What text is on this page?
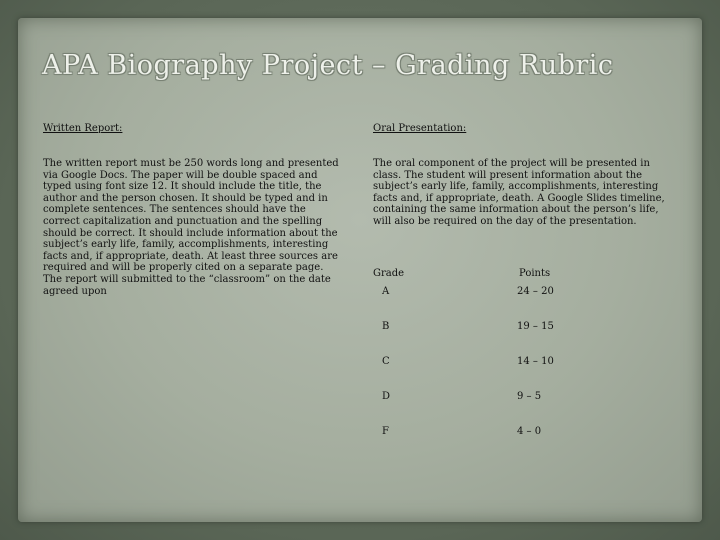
APA Biography Project – Grading Rubric
Written Report:
The written report must be 250 words long and presented via Google Docs. The paper will be double spaced and typed using font size 12. It should include the title, the author and the person chosen. It should be typed and in complete sentences. The sentences should have the correct capitalization and punctuation and the spelling should be correct. It should include information about the subject’s early life, family, accomplishments, interesting facts and, if appropriate, death. At least three sources are required and will be properly cited on a separate page. The report will submitted to the “classroom” on the date agreed upon
Oral Presentation:
The oral component of the project will be presented in class. The student will present information about the subject’s early life, family, accomplishments, interesting facts and, if appropriate, death. A Google Slides timeline, containing the same information about the person’s life, will also be required on the day of the presentation.
Grade	Points
A	24 – 20
B	19 – 15
C	14 – 10
D	9 – 5
F	4 – 0
